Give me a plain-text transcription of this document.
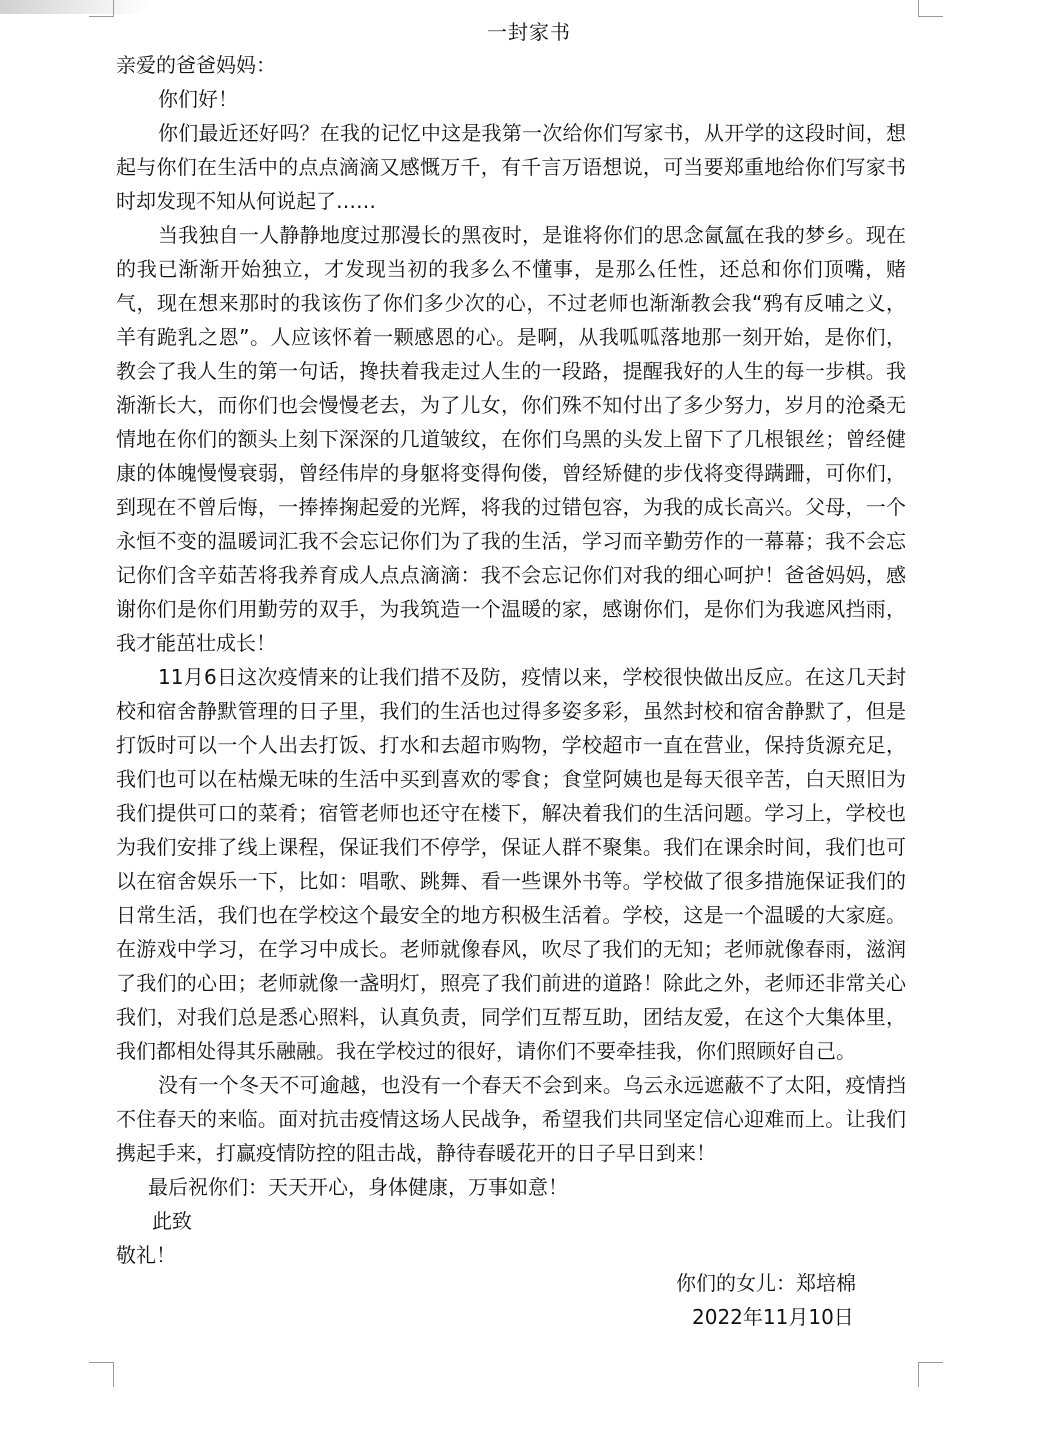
一封家书

亲爱的爸爸妈妈：

你们好！

你们最近还好吗？在我的记忆中这是我第一次给你们写家书，从开学的这段时间，想起与你们在生活中的点点滴滴又感慨万千，有千言万语想说，可当要郑重地给你们写家书时却发现不知从何说起了……

当我独自一人静静地度过那漫长的黑夜时，是谁将你们的思念氤氲在我的梦乡。现在的我已渐渐开始独立，才发现当初的我多么不懂事，是那么任性，还总和你们顶嘴，赌气，现在想来那时的我该伤了你们多少次的心，不过老师也渐渐教会我“鸦有反哺之义，羊有跪乳之恩”。人应该怀着一颗感恩的心。是啊，从我呱呱落地那一刻开始，是你们，教会了我人生的第一句话，搀扶着我走过人生的一段路，提醒我好的人生的每一步棋。我渐渐长大，而你们也会慢慢老去，为了儿女，你们殊不知付出了多少努力，岁月的沧桑无情地在你们的额头上刻下深深的几道皱纹，在你们乌黑的头发上留下了几根银丝；曾经健康的体魄慢慢衰弱，曾经伟岸的身躯将变得佝偻，曾经矫健的步伐将变得蹒跚，可你们，到现在不曾后悔，一捧捧掬起爱的光辉，将我的过错包容，为我的成长高兴。父母，一个永恒不变的温暖词汇我不会忘记你们为了我的生活，学习而辛勤劳作的一幕幕；我不会忘记你们含辛茹苦将我养育成人点点滴滴：我不会忘记你们对我的细心呵护！爸爸妈妈，感谢你们是你们用勤劳的双手，为我筑造一个温暖的家，感谢你们，是你们为我遮风挡雨，我才能茁壮成长！

11月6日这次疫情来的让我们措不及防，疫情以来，学校很快做出反应。在这几天封校和宿舍静默管理的日子里，我们的生活也过得多姿多彩，虽然封校和宿舍静默了，但是打饭时可以一个人出去打饭、打水和去超市购物，学校超市一直在营业，保持货源充足，我们也可以在枯燥无味的生活中买到喜欢的零食；食堂阿姨也是每天很辛苦，白天照旧为我们提供可口的菜肴；宿管老师也还守在楼下，解决着我们的生活问题。学习上，学校也为我们安排了线上课程，保证我们不停学，保证人群不聚集。我们在课余时间，我们也可以在宿舍娱乐一下，比如：唱歌、跳舞、看一些课外书等。学校做了很多措施保证我们的日常生活，我们也在学校这个最安全的地方积极生活着。学校，这是一个温暖的大家庭。在游戏中学习，在学习中成长。老师就像春风，吹尽了我们的无知；老师就像春雨，滋润了我们的心田；老师就像一盏明灯，照亮了我们前进的道路！除此之外，老师还非常关心我们，对我们总是悉心照料，认真负责，同学们互帮互助，团结友爱，在这个大集体里，我们都相处得其乐融融。我在学校过的很好，请你们不要牵挂我，你们照顾好自己。

没有一个冬天不可逾越，也没有一个春天不会到来。乌云永远遮蔽不了太阳，疫情挡不住春天的来临。面对抗击疫情这场人民战争，希望我们共同坚定信心迎难而上。让我们携起手来，打赢疫情防控的阻击战，静待春暖花开的日子早日到来！

最后祝你们：天天开心，身体健康，万事如意！

此致

敬礼！

你们的女儿：郑培棉
2022年11月10日
